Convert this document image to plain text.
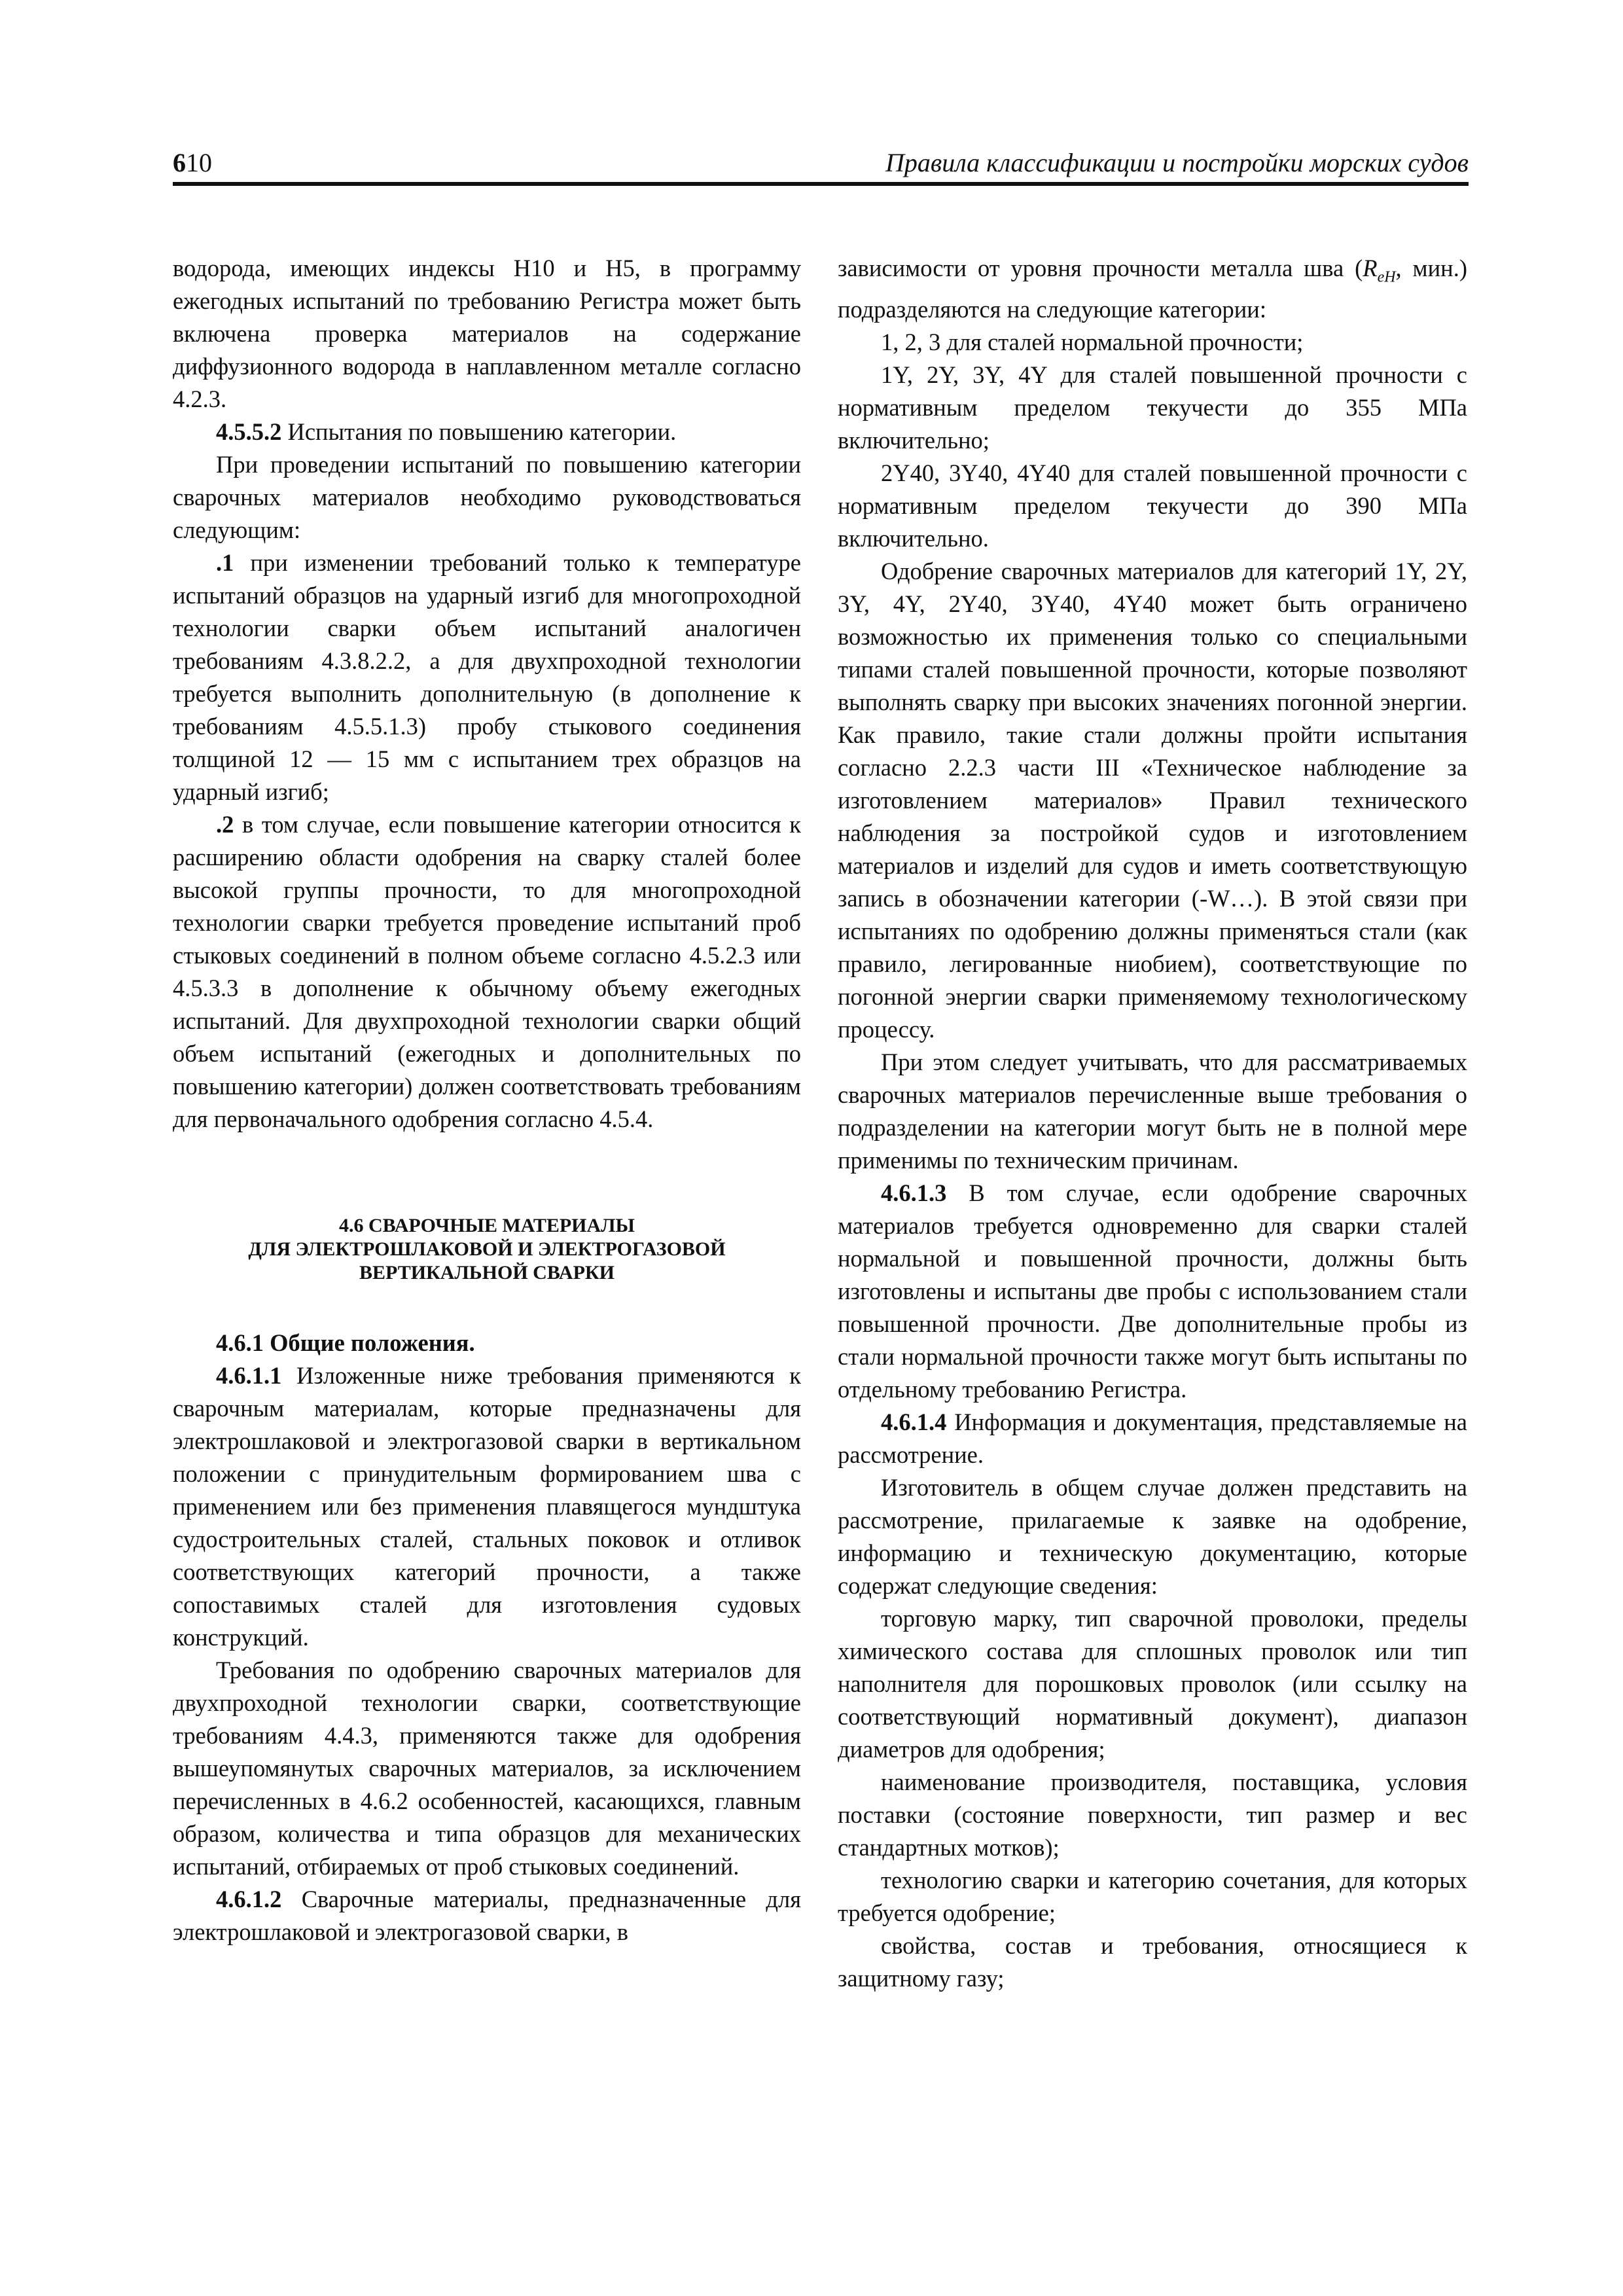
610	Правила классификации и постройки морских судов

водорода, имеющих индексы H10 и H5, в программу ежегодных испытаний по требованию Регистра может быть включена проверка материалов на содержание диффузионного водорода в наплавленном металле согласно 4.2.3.

4.5.5.2 Испытания по повышению категории.

При проведении испытаний по повышению категории сварочных материалов необходимо руководствоваться следующим:

.1 при изменении требований только к температуре испытаний образцов на ударный изгиб для многопроходной технологии сварки объем испытаний аналогичен требованиям 4.3.8.2.2, а для двухпроходной технологии требуется выполнить дополнительную (в дополнение к требованиям 4.5.5.1.3) пробу стыкового соединения толщиной 12 — 15 мм с испытанием трех образцов на ударный изгиб;

.2 в том случае, если повышение категории относится к расширению области одобрения на сварку сталей более высокой группы прочности, то для многопроходной технологии сварки требуется проведение испытаний проб стыковых соединений в полном объеме согласно 4.5.2.3 или 4.5.3.3 в дополнение к обычному объему ежегодных испытаний. Для двухпроходной технологии сварки общий объем испытаний (ежегодных и дополнительных по повышению категории) должен соответствовать требованиям для первоначального одобрения согласно 4.5.4.

4.6 СВАРОЧНЫЕ МАТЕРИАЛЫ
ДЛЯ ЭЛЕКТРОШЛАКОВОЙ И ЭЛЕКТРОГАЗОВОЙ
ВЕРТИКАЛЬНОЙ СВАРКИ

4.6.1 Общие положения.

4.6.1.1 Изложенные ниже требования применяются к сварочным материалам, которые предназначены для электрошлаковой и электрогазовой сварки в вертикальном положении с принудительным формированием шва с применением или без применения плавящегося мундштука судостроительных сталей, стальных поковок и отливок соответствующих категорий прочности, а также сопоставимых сталей для изготовления судовых конструкций.

Требования по одобрению сварочных материалов для двухпроходной технологии сварки, соответствующие требованиям 4.4.3, применяются также для одобрения вышеупомянутых сварочных материалов, за исключением перечисленных в 4.6.2 особенностей, касающихся, главным образом, количества и типа образцов для механических испытаний, отбираемых от проб стыковых соединений.

4.6.1.2 Сварочные материалы, предназначенные для электрошлаковой и электрогазовой сварки, в

зависимости от уровня прочности металла шва ($R_{eH}$, мин.) подразделяются на следующие категории:

1, 2, 3 для сталей нормальной прочности;

1Y, 2Y, 3Y, 4Y для сталей повышенной прочности с нормативным пределом текучести до 355 МПа включительно;

2Y40, 3Y40, 4Y40 для сталей повышенной прочности с нормативным пределом текучести до 390 МПа включительно.

Одобрение сварочных материалов для категорий 1Y, 2Y, 3Y, 4Y, 2Y40, 3Y40, 4Y40 может быть ограничено возможностью их применения только со специальными типами сталей повышенной прочности, которые позволяют выполнять сварку при высоких значениях погонной энергии. Как правило, такие стали должны пройти испытания согласно 2.2.3 части III «Техническое наблюдение за изготовлением материалов» Правил технического наблюдения за постройкой судов и изготовлением материалов и изделий для судов и иметь соответствующую запись в обозначении категории (-W…). В этой связи при испытаниях по одобрению должны применяться стали (как правило, легированные ниобием), соответствующие по погонной энергии сварки применяемому технологическому процессу.

При этом следует учитывать, что для рассматриваемых сварочных материалов перечисленные выше требования о подразделении на категории могут быть не в полной мере применимы по техническим причинам.

4.6.1.3 В том случае, если одобрение сварочных материалов требуется одновременно для сварки сталей нормальной и повышенной прочности, должны быть изготовлены и испытаны две пробы с использованием стали повышенной прочности. Две дополнительные пробы из стали нормальной прочности также могут быть испытаны по отдельному требованию Регистра.

4.6.1.4 Информация и документация, представляемые на рассмотрение.

Изготовитель в общем случае должен представить на рассмотрение, прилагаемые к заявке на одобрение, информацию и техническую документацию, которые содержат следующие сведения:

торговую марку, тип сварочной проволоки, пределы химического состава для сплошных проволок или тип наполнителя для порошковых проволок (или ссылку на соответствующий нормативный документ), диапазон диаметров для одобрения;

наименование производителя, поставщика, условия поставки (состояние поверхности, тип размер и вес стандартных мотков);

технологию сварки и категорию сочетания, для которых требуется одобрение;

свойства, состав и требования, относящиеся к защитному газу;
